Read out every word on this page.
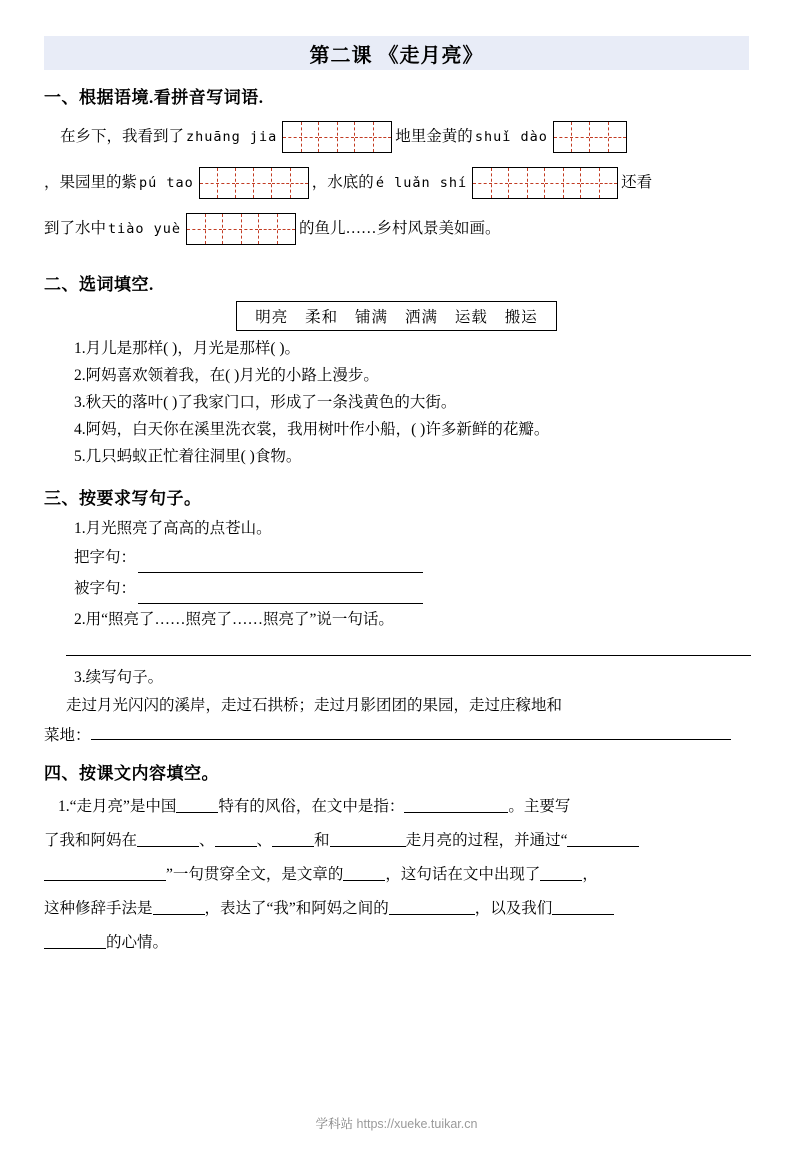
第二课 《走月亮》
一、根据语境.看拼音写词语.
在乡下，我看到了 zhuāng jia	地里金黄的 shuǐ dào
，果园里的紫 pú tao	，水底的 é luǎn shí	还看
到了水中 tiào yuè	的鱼儿……乡村风景美如画。
二、选词填空.
明亮 柔和 铺满 洒满 运载 搬运
1.月儿是那样( )，月光是那样( )。
2.阿妈喜欢领着我，在( )月光的小路上漫步。
3.秋天的落叶( )了我家门口，形成了一条浅黄色的大街。
4.阿妈，白天你在溪里洗衣裳，我用树叶作小船，( )许多新鲜的花瓣。
5.几只蚂蚁正忙着往洞里( )食物。
三、按要求写句子。
1.月光照亮了高高的点苍山。
把字句：
被字句：
2.用“照亮了……照亮了……照亮了”说一句话。
3.续写句子。
走过月光闪闪的溪岸，走过石拱桥；走过月影团团的果园，走过庄稼地和
菜地：
四、按课文内容填空。
1.“走月亮”是中国	特有的风俗，在文中是指：	。主要写
了我和阿妈在	、	、	和	走月亮的过程，并通过“
”一句贯穿全文，是文章的	，这句话在文中出现了	，
这种修辞手法是	，表达了“我”和阿妈之间的	，以及我们
的心情。
学科站 https://xueke.tuikar.cn
